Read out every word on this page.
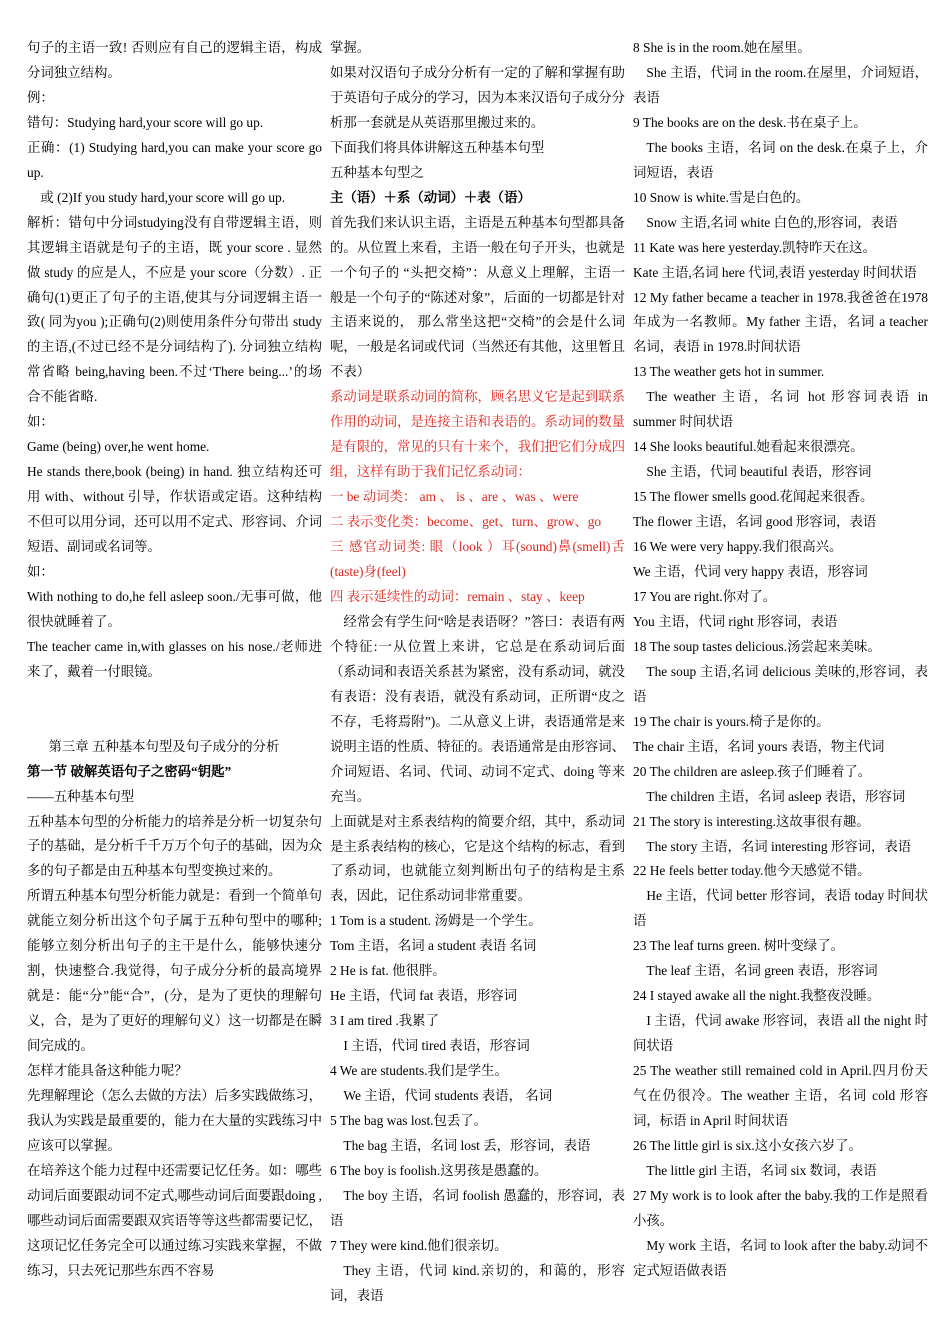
句子的主语一致! 否则应有自己的逻辑主语，构成分词独立结构。

例：

错句：Studying hard,your score will go up.

正确：(1) Studying hard,you can make your score go up.

或 (2)If you study hard,your score will go up.

解析：错句中分词studying没有自带逻辑主语，则其逻辑主语就是句子的主语，既 your score . 显然做 study 的应是人，不应是 your score（分数）. 正确句(1)更正了句子的主语,使其与分词逻辑主语一致( 同为you );正确句(2)则使用条件分句带出 study 的主语,(不过已经不是分词结构了). 分词独立结构常省略 being,having been.不过‘There being...’的场合不能省略.

如：

Game (being) over,he went home.

He stands there,book (being) in hand. 独立结构还可用 with、without 引导，作状语或定语。这种结构不但可以用分词，还可以用不定式、形容词、介词短语、副词或名词等。

如：

With nothing to do,he fell asleep soon./无事可做，他很快就睡着了。

The teacher came in,with glasses on his nose./老师进来了，戴着一付眼镜。

第三章 五种基本句型及句子成分的分析

第一节 破解英语句子之密码“钥匙”

——五种基本句型

五种基本句型的分析能力的培养是分析一切复杂句子的基础，是分析千千万万个句子的基础，因为众多的句子都是由五种基本句型变换过来的。

所谓五种基本句型分析能力就是：看到一个简单句就能立刻分析出这个句子属于五种句型中的哪种;能够立刻分析出句子的主干是什么，能够快速分割，快速整合.我觉得，句子成分分析的最高境界就是：能“分”能“合”，(分，是为了更快的理解句义，合，是为了更好的理解句义）这一切都是在瞬间完成的。

怎样才能具备这种能力呢？

先理解理论（怎么去做的方法）后多实践做练习，我认为实践是最重要的，能力在大量的实践练习中应该可以掌握。

在培养这个能力过程中还需要记忆任务。如：哪些动词后面要跟动词不定式,哪些动词后面要跟doing ,哪些动词后面需要跟双宾语等等这些都需要记忆，这项记忆任务完全可以通过练习实践来掌握，不做练习，只去死记那些东西不容易

掌握。

如果对汉语句子成分分析有一定的了解和掌握有助于英语句子成分的学习，因为本来汉语句子成分分析那一套就是从英语那里搬过来的。

下面我们将具体讲解这五种基本句型

五种基本句型之

主（语）＋系（动词）＋表（语）

首先我们来认识主语，主语是五种基本句型都具备的。从位置上来看，主语一般在句子开头，也就是一个句子的 “头把交椅”：从意义上理解，主语一般是一个句子的“陈述对象”，后面的一切都是针对主语来说的， 那么常坐这把“交椅”的会是什么词呢，一般是名词或代词（当然还有其他，这里暂且不表）

系动词是联系动词的简称，顾名思义它是起到联系作用的动词，是连接主语和表语的。系动词的数量是有限的，常见的只有十来个，我们把它们分成四组，这样有助于我们记忆系动词：

一 be 动词类： am 、 is 、are 、was 、were

二 表示变化类：become、get、turn、grow、go

三 感官动词类: 眼（look ）耳(sound)鼻(smell)舌(taste)身(feel)

四 表示延续性的动词：remain 、stay 、keep

经常会有学生问“啥是表语呀？”答曰：表语有两个特征:一从位置上来讲，它总是在系动词后面（系动词和表语关系甚为紧密，没有系动词，就没有表语：没有表语，就没有系动词，正所谓“皮之不存，毛将焉附”)。二从意义上讲，表语通常是来说明主语的性质、特征的。表语通常是由形容词、介词短语、名词、代词、动词不定式、doing 等来充当。

上面就是对主系表结构的简要介绍，其中，系动词是主系表结构的核心，它是这个结构的标志，看到了系动词，也就能立刻判断出句子的结构是主系表，因此，记住系动词非常重要。

1 Tom is a student. 汤姆是一个学生。

Tom 主语，名词 a student 表语 名词

2 He is fat. 他很胖。

He 主语，代词 fat 表语，形容词

3 I am tired .我累了

I 主语，代词 tired 表语，形容词

4 We are students.我们是学生。

We 主语，代词 students 表语， 名词

5 The bag was lost.包丢了。

The bag 主语，名词 lost 丢，形容词，表语

6 The boy is foolish.这男孩是愚蠢的。

The boy 主语，名词 foolish 愚蠢的，形容词，表语

7 They were kind.他们很亲切。

They 主语，代词 kind.亲切的，和蔼的，形容词，表语

8 She is in the room.她在屋里。

She 主语，代词 in the room.在屋里，介词短语，表语

9 The books are on the desk.书在桌子上。

The books 主语，名词 on the desk.在桌子上，介词短语，表语

10 Snow is white.雪是白色的。

Snow 主语,名词 white 白色的,形容词，表语

11 Kate was here yesterday.凯特昨天在这。

Kate 主语,名词 here 代词,表语 yesterday 时间状语

12 My father became a teacher in 1978.我爸爸在1978 年成为一名教师。My father 主语，名词 a teacher 名词，表语 in 1978.时间状语

13 The weather gets hot in summer.

The weather 主语，名词 hot 形容词表语 in summer 时间状语

14 She looks beautiful.她看起来很漂亮。

She 主语，代词 beautiful 表语，形容词

15 The flower smells good.花闻起来很香。

The flower 主语，名词 good 形容词，表语

16 We were very happy.我们很高兴。

We 主语，代词 very happy 表语，形容词

17 You are right.你对了。

You 主语，代词 right 形容词，表语

18 The soup tastes delicious.汤尝起来美味。

The soup 主语,名词 delicious 美味的,形容词，表语

19 The chair is yours.椅子是你的。

The chair 主语，名词 yours 表语，物主代词

20 The children are asleep.孩子们睡着了。

The children 主语，名词 asleep 表语，形容词

21 The story is interesting.这故事很有趣。

The story 主语，名词 interesting 形容词，表语

22 He feels better today.他今天感觉不错。

He 主语，代词 better 形容词，表语 today 时间状语

23 The leaf turns green. 树叶变绿了。

The leaf 主语，名词 green 表语，形容词

24 I stayed awake all the night.我整夜没睡。

I 主语，代词 awake 形容词，表语 all the night 时间状语

25 The weather still remained cold in April.四月份天气在仍很冷。The weather 主语，名词 cold 形容词，标语 in April 时间状语

26 The little girl is six.这小女孩六岁了。

The little girl 主语，名词 six 数词，表语

27 My work is to look after the baby.我的工作是照看小孩。

My work 主语，名词 to look after the baby.动词不定式短语做表语
